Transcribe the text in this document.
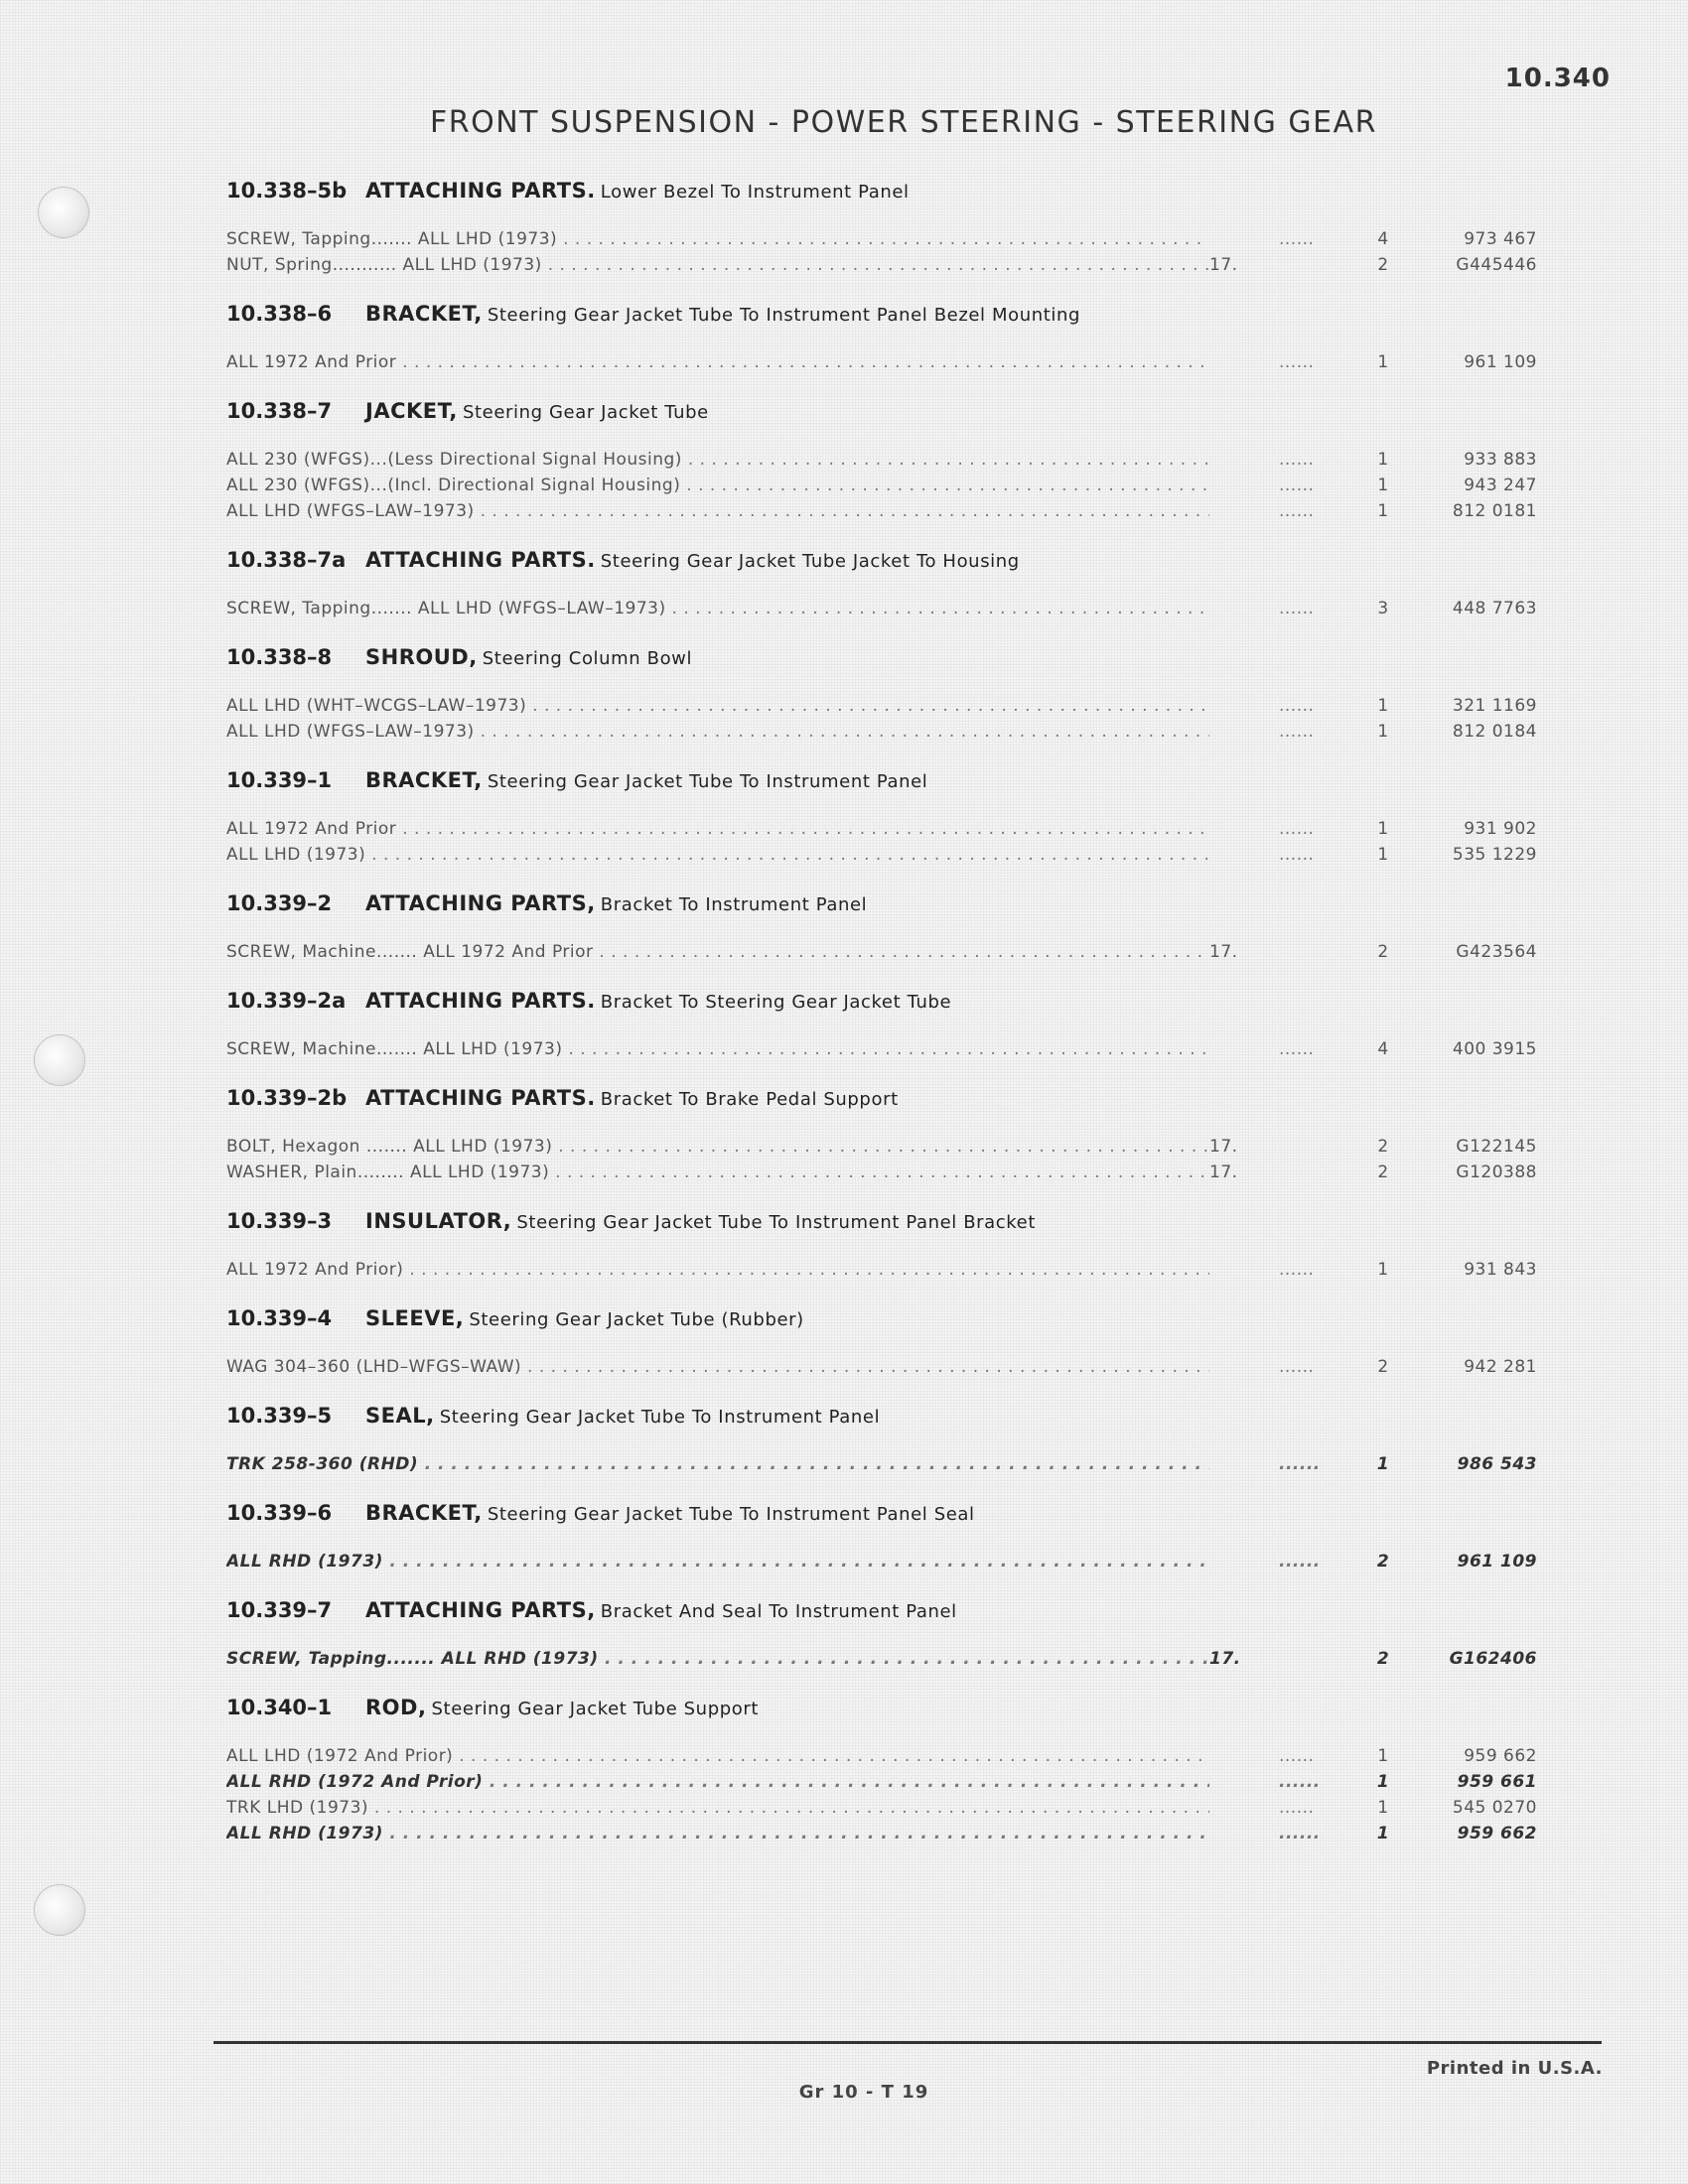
10.340
FRONT SUSPENSION - POWER STEERING - STEERING GEAR
10.338–5b ATTACHING PARTS. Lower Bezel To Instrument Panel
SCREW, Tapping....... ALL LHD (1973) . . .	......	4	973 467
NUT, Spring........... ALL LHD (1973) . . .	17.	2	G445446
10.338–6 BRACKET, Steering Gear Jacket Tube To Instrument Panel Bezel Mounting
ALL 1972 And Prior . . .	......	1	961 109
10.338–7 JACKET, Steering Gear Jacket Tube
ALL 230 (WFGS)...(Less Directional Signal Housing) . . .	......	1	933 883
ALL 230 (WFGS)...(Incl. Directional Signal Housing) . . .	......	1	943 247
ALL LHD (WFGS–LAW–1973) . . .	......	1	812 0181
10.338–7a ATTACHING PARTS. Steering Gear Jacket Tube Jacket To Housing
SCREW, Tapping....... ALL LHD (WFGS–LAW–1973) . . .	......	3	448 7763
10.338–8 SHROUD, Steering Column Bowl
ALL LHD (WHT–WCGS–LAW–1973) . . .	......	1	321 1169
ALL LHD (WFGS–LAW–1973) . . .	......	1	812 0184
10.339–1 BRACKET, Steering Gear Jacket Tube To Instrument Panel
ALL 1972 And Prior . . .	......	1	931 902
ALL LHD (1973) . . .	......	1	535 1229
10.339–2 ATTACHING PARTS, Bracket To Instrument Panel
SCREW, Machine....... ALL 1972 And Prior . . .	17.	2	G423564
10.339–2a ATTACHING PARTS. Bracket To Steering Gear Jacket Tube
SCREW, Machine....... ALL LHD (1973) . . .	......	4	400 3915
10.339–2b ATTACHING PARTS. Bracket To Brake Pedal Support
BOLT, Hexagon ....... ALL LHD (1973) . . .	17.	2	G122145
WASHER, Plain........ ALL LHD (1973) . . .	17.	2	G120388
10.339–3 INSULATOR, Steering Gear Jacket Tube To Instrument Panel Bracket
ALL 1972 And Prior) . . .	......	1	931 843
10.339–4 SLEEVE, Steering Gear Jacket Tube (Rubber)
WAG 304–360 (LHD–WFGS–WAW) . . .	......	2	942 281
10.339–5 SEAL, Steering Gear Jacket Tube To Instrument Panel
TRK 258-360 (RHD) . . .	......	1	986 543
10.339–6 BRACKET, Steering Gear Jacket Tube To Instrument Panel Seal
ALL RHD (1973) . . .	......	2	961 109
10.339–7 ATTACHING PARTS, Bracket And Seal To Instrument Panel
SCREW, Tapping....... ALL RHD (1973) . . .	17.	2	G162406
10.340–1 ROD, Steering Gear Jacket Tube Support
ALL LHD (1972 And Prior) . . .	......	1	959 662
ALL RHD (1972 And Prior) . . .	......	1	959 661
TRK LHD (1973) . . .	......	1	545 0270
ALL RHD (1973) . . .	......	1	959 662
Printed in U.S.A.
Gr 10 - T 19
